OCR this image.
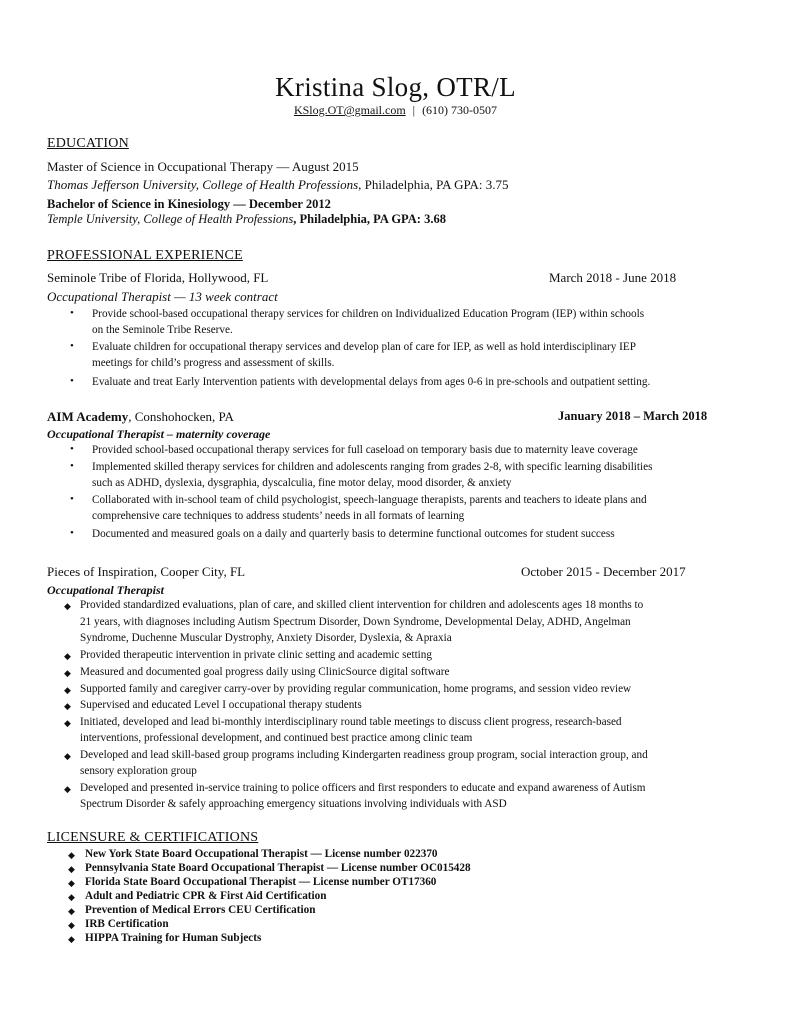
Kristina Slog, OTR/L
KSlog.OT@gmail.com | (610) 730-0507
EDUCATION
Master of Science in Occupational Therapy — August 2015
Thomas Jefferson University, College of Health Professions, Philadelphia, PA GPA: 3.75
Bachelor of Science in Kinesiology — December 2012
Temple University, College of Health Professions, Philadelphia, PA GPA: 3.68
PROFESSIONAL EXPERIENCE
Seminole Tribe of Florida, Hollywood, FL	March 2018 - June 2018
Occupational Therapist — 13 week contract
• Provide school-based occupational therapy services for children on Individualized Education Program (IEP) within schools
on the Seminole Tribe Reserve.
• Evaluate children for occupational therapy services and develop plan of care for IEP, as well as hold interdisciplinary IEP
meetings for child’s progress and assessment of skills.
• Evaluate and treat Early Intervention patients with developmental delays from ages 0-6 in pre-schools and outpatient setting.
AIM Academy, Conshohocken, PA	January 2018 – March 2018
Occupational Therapist – maternity coverage
• Provided school-based occupational therapy services for full caseload on temporary basis due to maternity leave coverage
• Implemented skilled therapy services for children and adolescents ranging from grades 2-8, with specific learning disabilities
such as ADHD, dyslexia, dysgraphia, dyscalculia, fine motor delay, mood disorder, & anxiety
• Collaborated with in-school team of child psychologist, speech-language therapists, parents and teachers to ideate plans and
comprehensive care techniques to address students’ needs in all formats of learning
• Documented and measured goals on a daily and quarterly basis to determine functional outcomes for student success
Pieces of Inspiration, Cooper City, FL	October 2015 - December 2017
Occupational Therapist
◆ Provided standardized evaluations, plan of care, and skilled client intervention for children and adolescents ages 18 months to
21 years, with diagnoses including Autism Spectrum Disorder, Down Syndrome, Developmental Delay, ADHD, Angelman
Syndrome, Duchenne Muscular Dystrophy, Anxiety Disorder, Dyslexia, & Apraxia
◆ Provided therapeutic intervention in private clinic setting and academic setting
◆ Measured and documented goal progress daily using ClinicSource digital software
◆ Supported family and caregiver carry-over by providing regular communication, home programs, and session video review
◆ Supervised and educated Level I occupational therapy students
◆ Initiated, developed and lead bi-monthly interdisciplinary round table meetings to discuss client progress, research-based
interventions, professional development, and continued best practice among clinic team
◆ Developed and lead skill-based group programs including Kindergarten readiness group program, social interaction group, and
sensory exploration group
◆ Developed and presented in-service training to police officers and first responders to educate and expand awareness of Autism
Spectrum Disorder & safely approaching emergency situations involving individuals with ASD
LICENSURE & CERTIFICATIONS
◆ New York State Board Occupational Therapist — License number 022370
◆ Pennsylvania State Board Occupational Therapist — License number OC015428
◆ Florida State Board Occupational Therapist — License number OT17360
◆ Adult and Pediatric CPR & First Aid Certification
◆ Prevention of Medical Errors CEU Certification
◆ IRB Certification
◆ HIPPA Training for Human Subjects
